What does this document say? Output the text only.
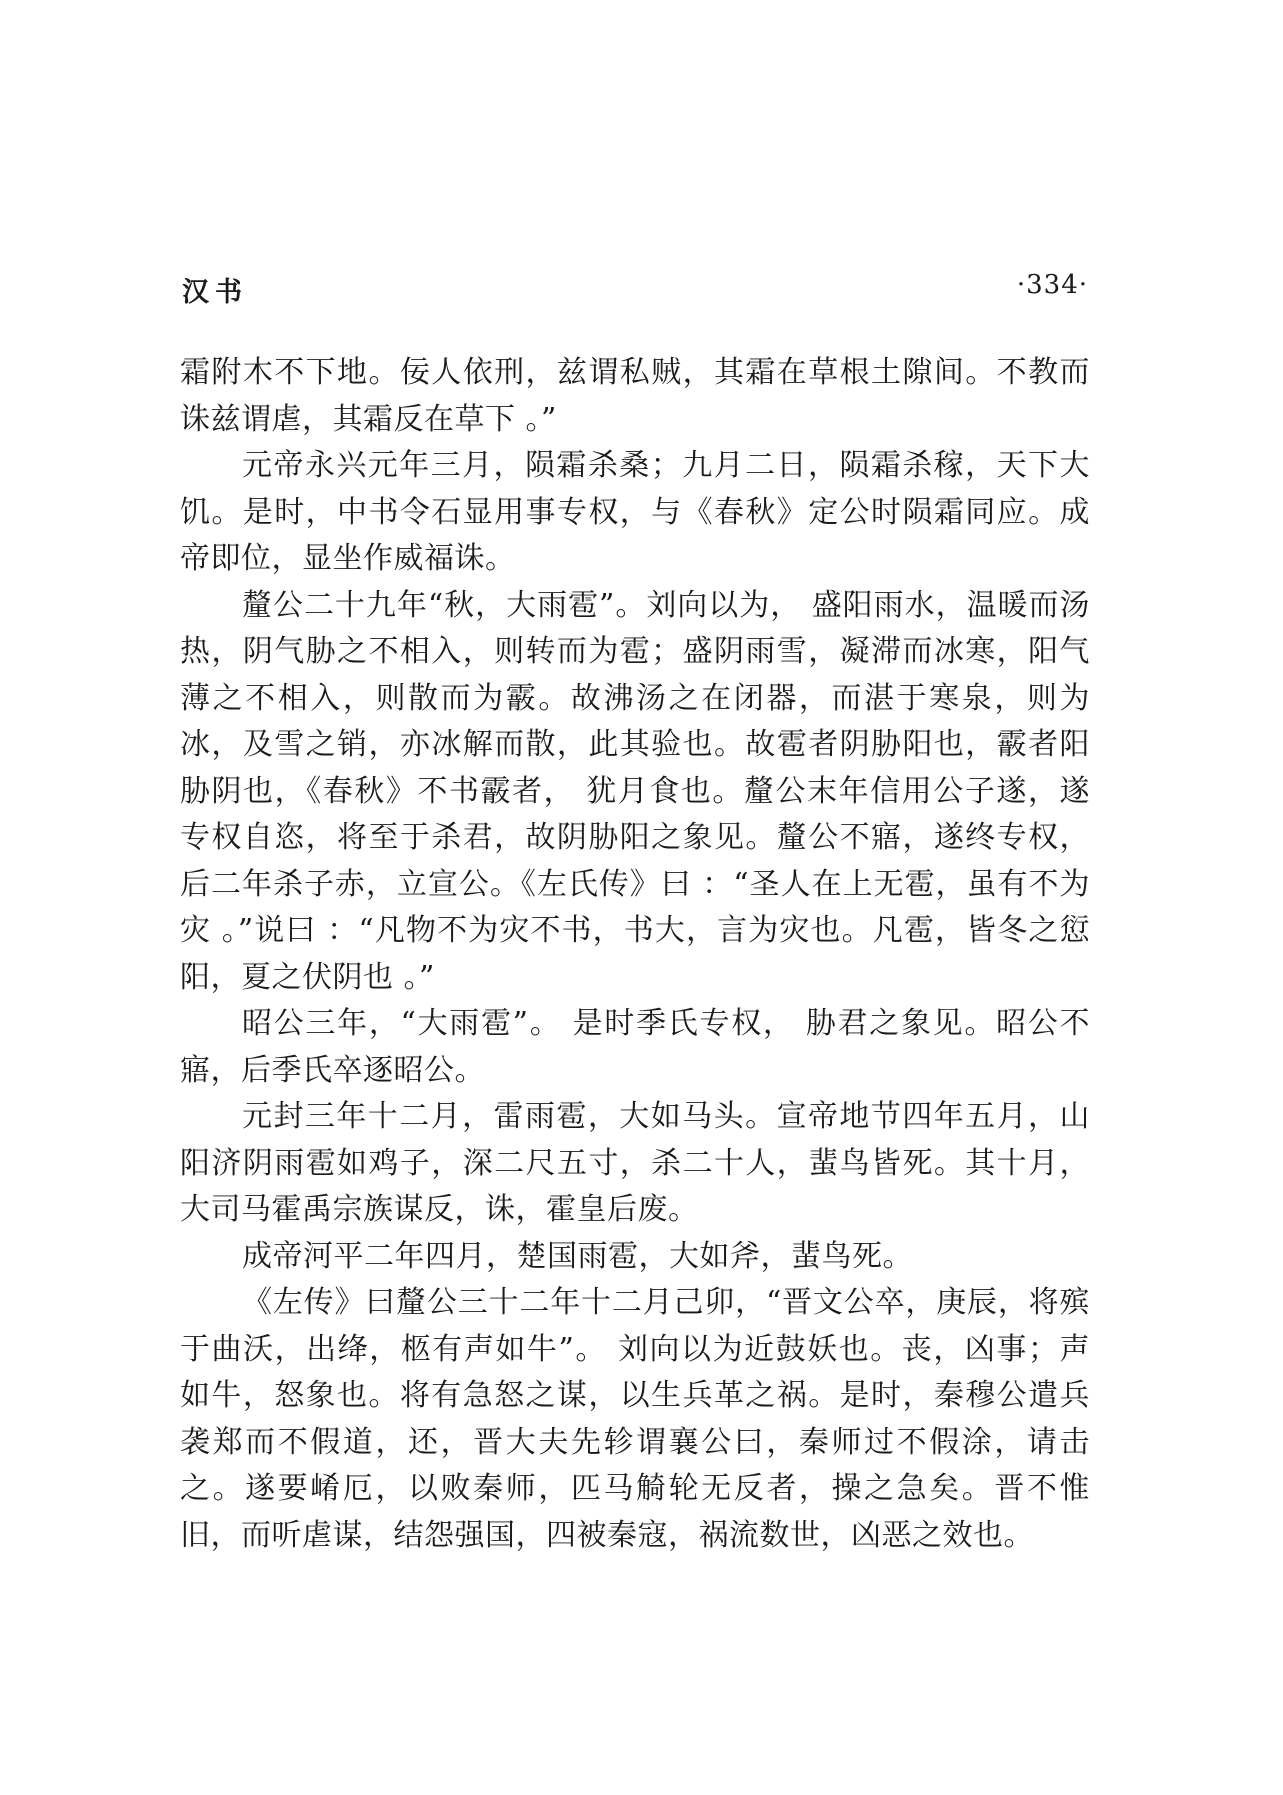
汉书	·334·

霜附木不下地。佞人依刑，兹谓私贼，其霜在草根土隙间。不教而诛兹谓虐，其霜反在草下 。”

元帝永兴元年三月，陨霜杀桑；九月二日，陨霜杀稼，天下大饥。是时，中书令石显用事专权，与《春秋》定公时陨霜同应。成帝即位，显坐作威福诛。

釐公二十九年“秋，大雨雹”。刘向以为， 盛阳雨水，温暖而汤热，阴气胁之不相入，则转而为雹；盛阴雨雪，凝滞而冰寒，阳气薄之不相入，则散而为霰。故沸汤之在闭器，而湛于寒泉，则为冰，及雪之销，亦冰解而散，此其验也。故雹者阴胁阳也，霰者阳胁阴也，《春秋》不书霰者， 犹月食也。釐公末年信用公子遂，遂专权自恣，将至于杀君，故阴胁阳之象见。釐公不寤，遂终专权，后二年杀子赤，立宣公。《左氏传》曰 ：“圣人在上无雹，虽有不为灾 。”说曰 ：“凡物不为灾不书，书大，言为灾也。凡雹，皆冬之愆阳，夏之伏阴也 。”

昭公三年，“大雨雹”。 是时季氏专权， 胁君之象见。昭公不寤，后季氏卒逐昭公。

元封三年十二月，雷雨雹，大如马头。宣帝地节四年五月，山阳济阴雨雹如鸡子，深二尺五寸，杀二十人，蜚鸟皆死。其十月，大司马霍禹宗族谋反，诛，霍皇后废。

成帝河平二年四月，楚国雨雹，大如斧，蜚鸟死。

《左传》曰釐公三十二年十二月己卯，“晋文公卒，庚辰，将殡于曲沃，出绛，柩有声如牛”。 刘向以为近鼓妖也。丧，凶事；声如牛，怒象也。将有急怒之谋，以生兵革之祸。是时，秦穆公遣兵袭郑而不假道，还，晋大夫先轸谓襄公曰，秦师过不假涂，请击之。遂要崤厄，以败秦师，匹马觭轮无反者，操之急矣。晋不惟旧，而听虐谋，结怨强国，四被秦寇，祸流数世，凶恶之效也。
